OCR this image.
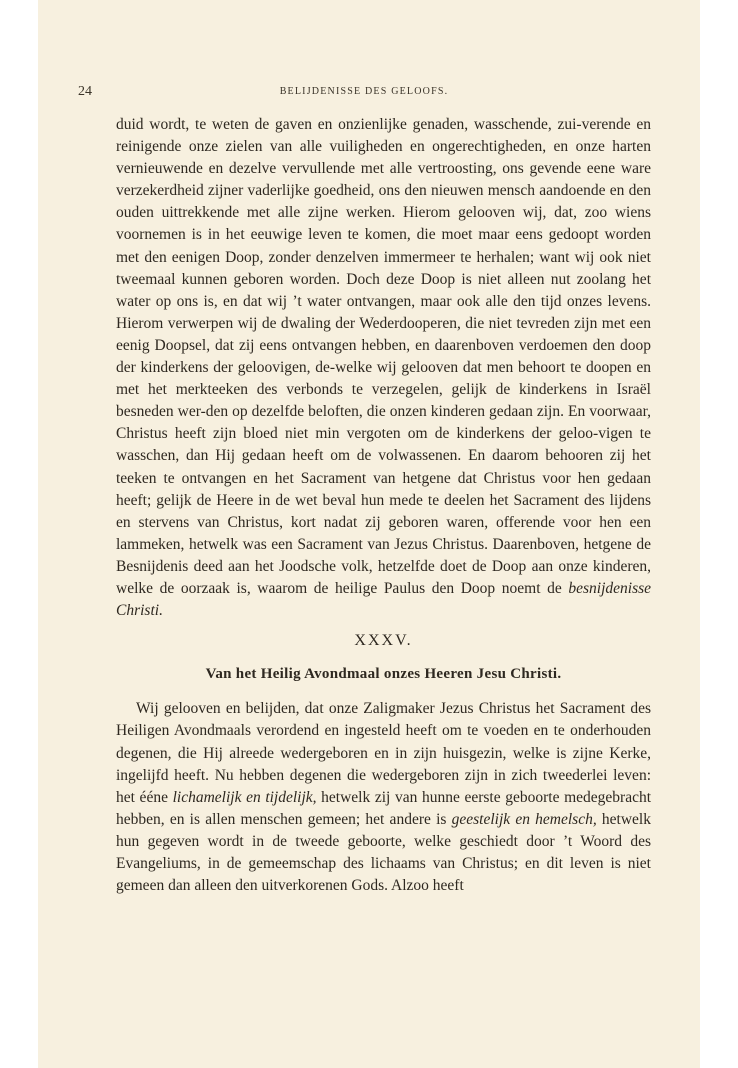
24	BELIJDENISSE DES GELOOFS.

duid wordt, te weten de gaven en onzienlijke genaden, wasschende, zui-verende en reinigende onze zielen van alle vuiligheden en ongerechtigheden, en onze harten vernieuwende en dezelve vervullende met alle vertroosting, ons gevende eene ware verzekerdheid zijner vaderlijke goedheid, ons den nieuwen mensch aandoende en den ouden uittrekkende met alle zijne werken. Hierom gelooven wij, dat, zoo wiens voornemen is in het eeuwige leven te komen, die moet maar eens gedoopt worden met den eenigen Doop, zonder denzelven immermeer te herhalen; want wij ook niet tweemaal kunnen geboren worden. Doch deze Doop is niet alleen nut zoolang het water op ons is, en dat wij ’t water ontvangen, maar ook alle den tijd onzes levens. Hierom verwerpen wij de dwaling der Wederdooperen, die niet tevreden zijn met een eenig Doopsel, dat zij eens ontvangen hebben, en daarenboven verdoemen den doop der kinderkens der geloovigen, de-welke wij gelooven dat men behoort te doopen en met het merkteeken des verbonds te verzegelen, gelijk de kinderkens in Israël besneden wer-den op dezelfde beloften, die onzen kinderen gedaan zijn. En voorwaar, Christus heeft zijn bloed niet min vergoten om de kinderkens der geloo-vigen te wasschen, dan Hij gedaan heeft om de volwassenen. En daarom behooren zij het teeken te ontvangen en het Sacrament van hetgene dat Christus voor hen gedaan heeft; gelijk de Heere in de wet beval hun mede te deelen het Sacrament des lijdens en stervens van Christus, kort nadat zij geboren waren, offerende voor hen een lammeken, hetwelk was een Sacrament van Jezus Christus. Daarenboven, hetgene de Besnijdenis deed aan het Joodsche volk, hetzelfde doet de Doop aan onze kinderen, welke de oorzaak is, waarom de heilige Paulus den Doop noemt de besnijdenisse Christi.

XXXV.
Van het Heilig Avondmaal onzes Heeren Jesu Christi.

Wij gelooven en belijden, dat onze Zaligmaker Jezus Christus het Sacrament des Heiligen Avondmaals verordend en ingesteld heeft om te voeden en te onderhouden degenen, die Hij alreede wedergeboren en in zijn huisgezin, welke is zijne Kerke, ingelijfd heeft. Nu hebben degenen die wedergeboren zijn in zich tweederlei leven: het ééne lichamelijk en tijdelijk, hetwelk zij van hunne eerste geboorte medegebracht hebben, en is allen menschen gemeen; het andere is geestelijk en hemelsch, hetwelk hun gegeven wordt in de tweede geboorte, welke geschiedt door ’t Woord des Evangeliums, in de gemeemschap des lichaams van Christus; en dit leven is niet gemeen dan alleen den uitverkorenen Gods. Alzoo heeft
